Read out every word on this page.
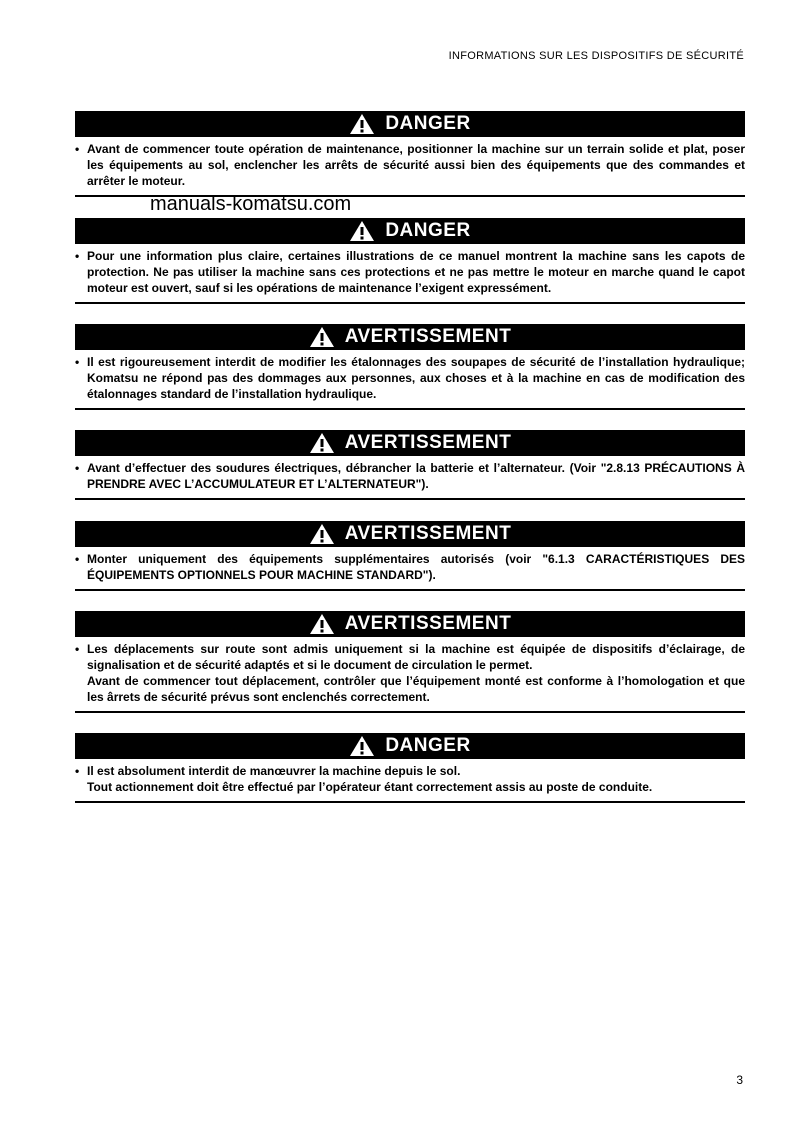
INFORMATIONS SUR LES DISPOSITIFS DE SÉCURITÉ
manuals-komatsu.com
DANGER
• Avant de commencer toute opération de maintenance, positionner la machine sur un terrain solide et plat, poser les équipements au sol, enclencher les arrêts de sécurité aussi bien des équipements que des commandes et arrêter le moteur.

DANGER
• Pour une information plus claire, certaines illustrations de ce manuel montrent la machine sans les capots de protection. Ne pas utiliser la machine sans ces protections et ne pas mettre le moteur en marche quand le capot moteur est ouvert, sauf si les opérations de maintenance l’exigent expressément.

AVERTISSEMENT
• Il est rigoureusement interdit de modifier les étalonnages des soupapes de sécurité de l’installation hydraulique; Komatsu ne répond pas des dommages aux personnes, aux choses et à la machine en cas de modification des étalonnages standard de l’installation hydraulique.

AVERTISSEMENT
• Avant d’effectuer des soudures électriques, débrancher la batterie et l’alternateur. (Voir "2.8.13 PRÉCAUTIONS À PRENDRE AVEC L’ACCUMULATEUR ET L’ALTERNATEUR").

AVERTISSEMENT
• Monter uniquement des équipements supplémentaires autorisés (voir "6.1.3 CARACTÉRISTIQUES DES ÉQUIPEMENTS OPTIONNELS POUR MACHINE STANDARD").

AVERTISSEMENT
• Les déplacements sur route sont admis uniquement si la machine est équipée de dispositifs d’éclairage, de signalisation et de sécurité adaptés et si le document de circulation le permet.

Avant de commencer tout déplacement, contrôler que l’équipement monté est conforme à l’homologation et que les ârrets de sécurité prévus sont enclenchés correctement.

DANGER
• Il est absolument interdit de manœuvrer la machine depuis le sol.

Tout actionnement doit être effectué par l’opérateur étant correctement assis au poste de conduite.

3
